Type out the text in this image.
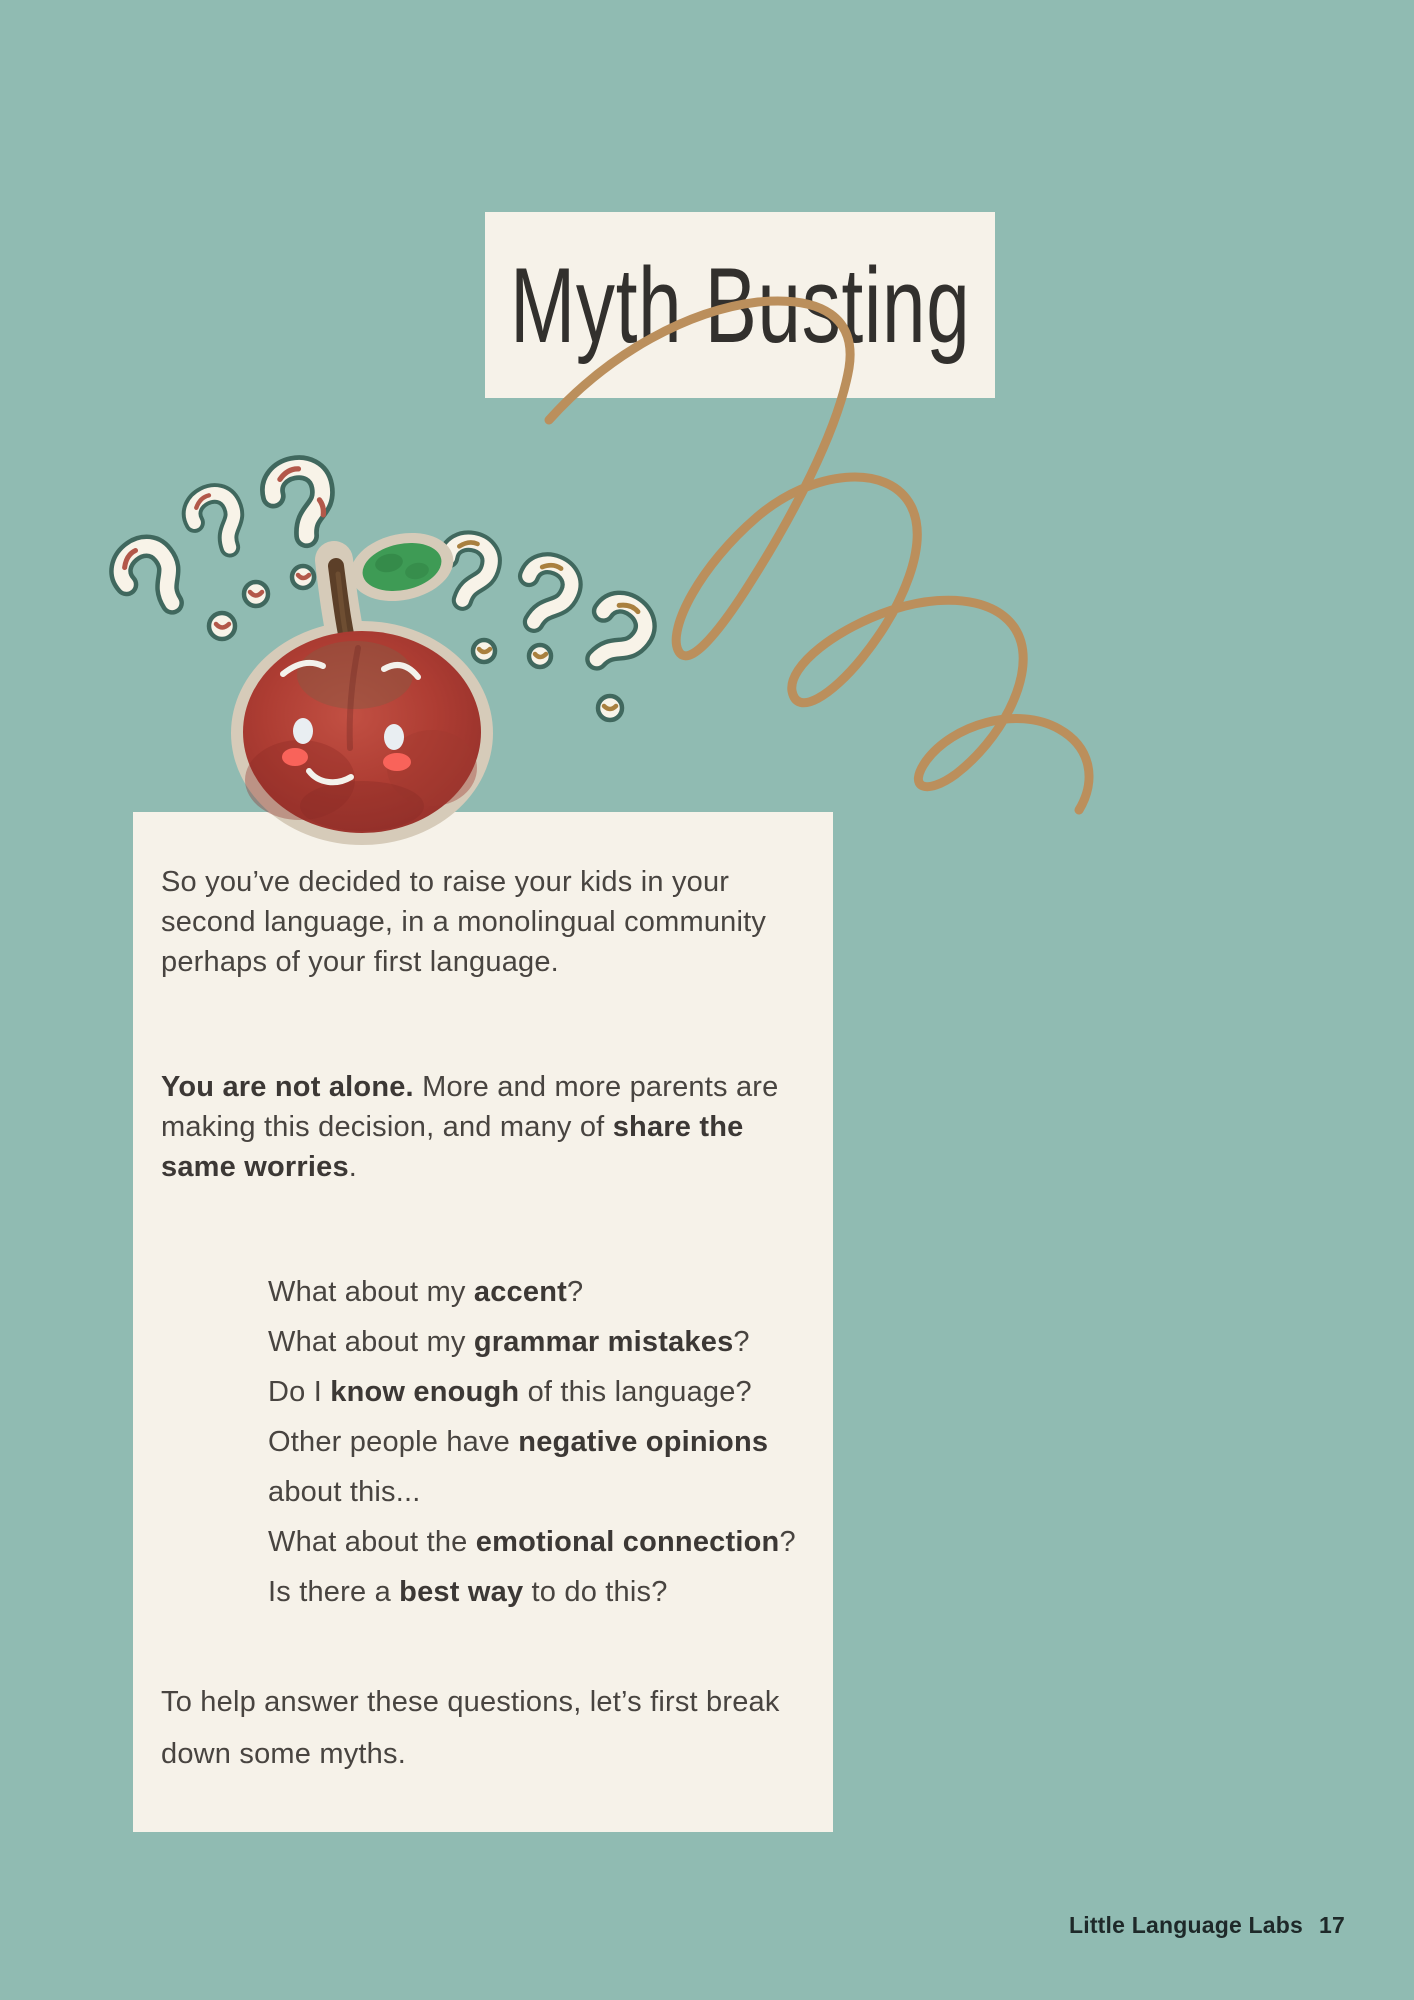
Myth Busting
So you’ve decided to raise your kids in your
second language, in a monolingual community
perhaps of your first language.
You are not alone. More and more parents are
making this decision, and many of share the
same worries.
What about my accent?
What about my grammar mistakes?
Do I know enough of this language?
Other people have negative opinions
about this...
What about the emotional connection?
Is there a best way to do this?
To help answer these questions, let’s first break
down some myths.
Little Language Labs 17
